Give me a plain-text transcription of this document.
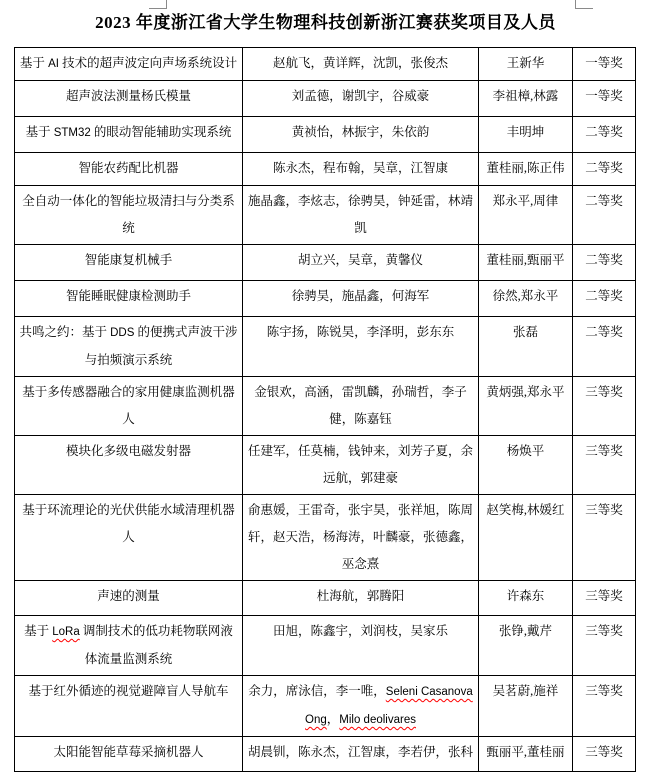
2023 年度浙江省大学生物理科技创新浙江赛获奖项目及人员
基于 AI 技术的超声波定向声场系统设计	赵航飞，黄详辉，沈凯，张俊杰	王新华	一等奖
超声波法测量杨氏模量	刘孟德，谢凯宇，谷威豪	李祖樟,林露	一等奖
基于 STM32 的眼动智能辅助实现系统	黄祯怡，林振宇，朱依韵	丰明坤	二等奖
智能农药配比机器	陈永杰，程布翰，吴章，江智康	董桂丽,陈正伟	二等奖
全自动一体化的智能垃圾清扫与分类系统	施晶鑫，李炫志，徐骋昊，钟延雷，林靖凯	郑永平,周律	二等奖
智能康复机械手	胡立兴，吴章，黄馨仪	董桂丽,甄丽平	二等奖
智能睡眠健康检测助手	徐骋昊，施晶鑫，何海军	徐然,郑永平	二等奖
共鸣之约：基于 DDS 的便携式声波干涉与拍频演示系统	陈宇扬，陈锐昊，李泽明，彭东东	张磊	二等奖
基于多传感器融合的家用健康监测机器人	金银欢，高涵，雷凯麟，孙瑞哲，李子健，陈嘉钰	黄炳强,郑永平	三等奖
模块化多级电磁发射器	任建军，任莫楠，钱钟来，刘芳子夏，余远航，郭建豪	杨焕平	三等奖
基于环流理论的光伏供能水域清理机器人	俞惠媛，王雷奇，张宇昊，张祥旭，陈周轩，赵天浩，杨海涛，叶麟豪，张德鑫，巫念熹	赵笑梅,林媛红	三等奖
声速的测量	杜海航，郭腾阳	许森东	三等奖
基于 LoRa 调制技术的低功耗物联网液体流量监测系统	田旭，陈鑫宇，刘润枝，吴家乐	张铮,戴芹	三等奖
基于红外循迹的视觉避障盲人导航车	余力，席泳信，李一唯，Seleni Casanova Ong，Milo deolivares	吴茗蔚,施祥	三等奖
太阳能智能草莓采摘机器人	胡晨钏，陈永杰，江智康，李若伊，张科	甄丽平,董桂丽	三等奖
